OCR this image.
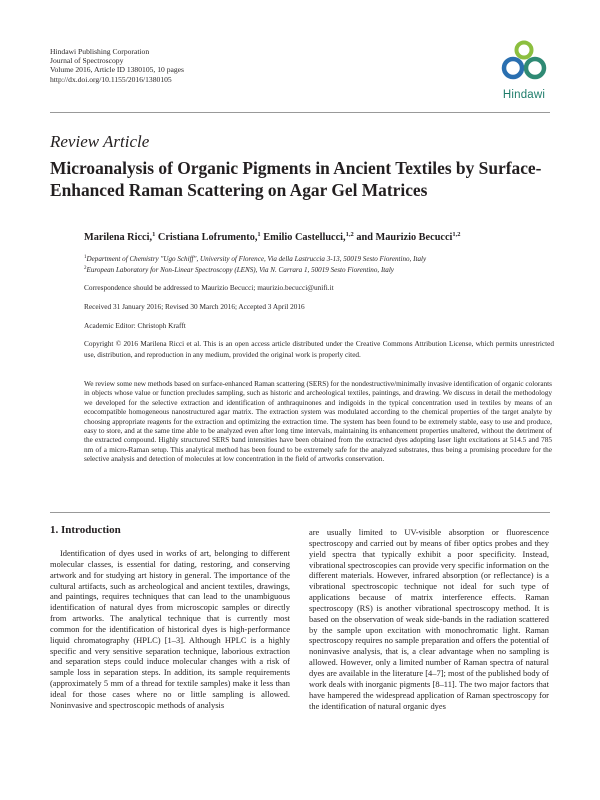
Hindawi Publishing Corporation
Journal of Spectroscopy
Volume 2016, Article ID 1380105, 10 pages
http://dx.doi.org/10.1155/2016/1380105
Hindawi
Review Article
Microanalysis of Organic Pigments in Ancient Textiles by Surface-Enhanced Raman Scattering on Agar Gel Matrices
Marilena Ricci,$^1$ Cristiana Lofrumento,$^1$ Emilio Castellucci,$^{1,2}$ and Maurizio Becucci$^{1,2}$
$^1$Department of Chemistry "Ugo Schiff", University of Florence, Via della Lastruccia 3-13, 50019 Sesto Fiorentino, Italy
$^2$European Laboratory for Non-Linear Spectroscopy (LENS), Via N. Carrara 1, 50019 Sesto Fiorentino, Italy
Correspondence should be addressed to Maurizio Becucci; maurizio.becucci@unifi.it
Received 31 January 2016; Revised 30 March 2016; Accepted 3 April 2016
Academic Editor: Christoph Krafft
Copyright © 2016 Marilena Ricci et al. This is an open access article distributed under the Creative Commons Attribution License, which permits unrestricted use, distribution, and reproduction in any medium, provided the original work is properly cited.
We review some new methods based on surface-enhanced Raman scattering (SERS) for the nondestructive/minimally invasive identification of organic colorants in objects whose value or function precludes sampling, such as historic and archeological textiles, paintings, and drawing. We discuss in detail the methodology we developed for the selective extraction and identification of anthraquinones and indigoids in the typical concentration used in textiles by means of an ecocompatible homogeneous nanostructured agar matrix. The extraction system was modulated according to the chemical properties of the target analyte by choosing appropriate reagents for the extraction and optimizing the extraction time. The system has been found to be extremely stable, easy to use and produce, easy to store, and at the same time able to be analyzed even after long time intervals, maintaining its enhancement properties unaltered, without the detriment of the extracted compound. Highly structured SERS band intensities have been obtained from the extracted dyes adopting laser light excitations at 514.5 and 785 nm of a micro-Raman setup. This analytical method has been found to be extremely safe for the analyzed substrates, thus being a promising procedure for the selective analysis and detection of molecules at low concentration in the field of artworks conservation.
1. Introduction
Identification of dyes used in works of art, belonging to different molecular classes, is essential for dating, restoring, and conserving artwork and for studying art history in general. The importance of the cultural artifacts, such as archeological and ancient textiles, drawings, and paintings, requires techniques that can lead to the unambiguous identification of natural dyes from microscopic samples or directly from artworks. The analytical technique that is currently most common for the identification of historical dyes is high-performance liquid chromatography (HPLC) [1–3]. Although HPLC is a highly specific and very sensitive separation technique, laborious extraction and separation steps could induce molecular changes with a risk of sample loss in separation steps. In addition, its sample requirements (approximately 5 mm of a thread for textile samples) make it less than ideal for those cases where no or little sampling is allowed. Noninvasive and spectroscopic methods of analysis
are usually limited to UV-visible absorption or fluorescence spectroscopy and carried out by means of fiber optics probes and they yield spectra that typically exhibit a poor specificity. Instead, vibrational spectroscopies can provide very specific information on the different materials. However, infrared absorption (or reflectance) is a vibrational spectroscopic technique not ideal for such type of applications because of matrix interference effects. Raman spectroscopy (RS) is another vibrational spectroscopy method. It is based on the observation of weak side-bands in the radiation scattered by the sample upon excitation with monochromatic light. Raman spectroscopy requires no sample preparation and offers the potential of noninvasive analysis, that is, a clear advantage when no sampling is allowed. However, only a limited number of Raman spectra of natural dyes are available in the literature [4–7]; most of the published body of work deals with inorganic pigments [8–11]. The two major factors that have hampered the widespread application of Raman spectroscopy for the identification of natural organic dyes
